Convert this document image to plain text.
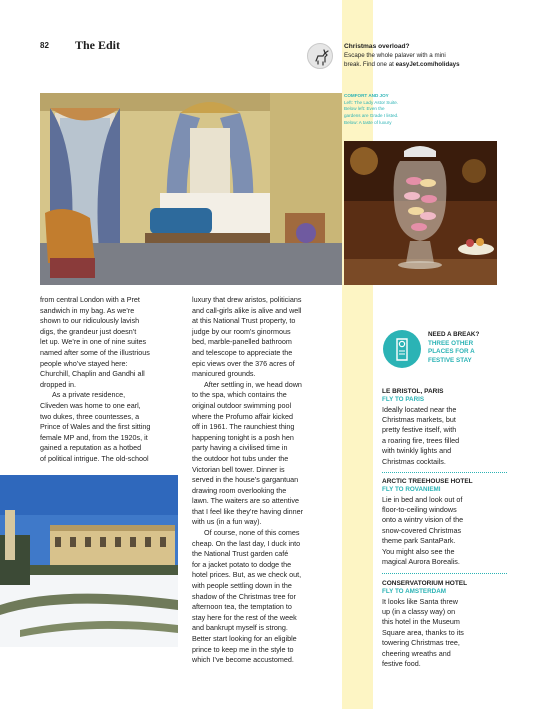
82 The Edit	Christmas overload?
Escape the whole palaver with a mini
break. Find one at easyJet.com/holidays
COMFORT AND JOY
Left: The Lady Astor Suite.
Below left: Even the
gardens are Grade I listed.
Below: A taste of luxury

from central London with a Pret

sandwich in my bag. As we’re

shown to our ridiculously lavish

digs, the grandeur just doesn’t

let up. We’re in one of nine suites

named after some of the illustrious

people who’ve stayed here:

Churchill, Chaplin and Gandhi all

dropped in.

As a private residence,

Cliveden was home to one earl,

two dukes, three countesses, a

Prince of Wales and the first sitting

female MP and, from the 1920s, it

gained a reputation as a hotbed

of political intrigue. The old-school

luxury that drew aristos, politicians

and call-girls alike is alive and well

at this National Trust property, to

judge by our room’s ginormous

bed, marble-panelled bathroom

and telescope to appreciate the

epic views over the 376 acres of

manicured grounds.

After settling in, we head down

to the spa, which contains the

original outdoor swimming pool

where the Profumo affair kicked

off in 1961. The raunchiest thing

happening tonight is a posh hen

party having a civilised time in

the outdoor hot tubs under the

Victorian bell tower. Dinner is

served in the house’s gargantuan

drawing room overlooking the

lawn. The waiters are so attentive

that I feel like they’re having dinner

with us (in a fun way).

Of course, none of this comes

cheap. On the last day, I duck into

the National Trust garden café

for a jacket potato to dodge the

hotel prices. But, as we check out,

with people settling down in the

shadow of the Christmas tree for

afternoon tea, the temptation to

stay here for the rest of the week

and bankrupt myself is strong.

Better start looking for an eligible

prince to keep me in the style to

which I’ve become accustomed.

NEED A BREAK?
THREE OTHER
PLACES FOR A
FESTIVE STAY
LE BRISTOL, PARIS
FLY TO PARIS
Ideally located near the
Christmas markets, but
pretty festive itself, with
a roaring fire, trees filled
with twinkly lights and
Christmas cocktails.
ARCTIC TREEHOUSE HOTEL
FLY TO ROVANIEMI
Lie in bed and look out of
floor-to-ceiling windows
onto a wintry vision of the
snow-covered Christmas
theme park SantaPark.
You might also see the
magical Aurora Borealis.
CONSERVATORIUM HOTEL
FLY TO AMSTERDAM
It looks like Santa threw
up (in a classy way) on
this hotel in the Museum
Square area, thanks to its
towering Christmas tree,
cheering wreaths and
festive food.
